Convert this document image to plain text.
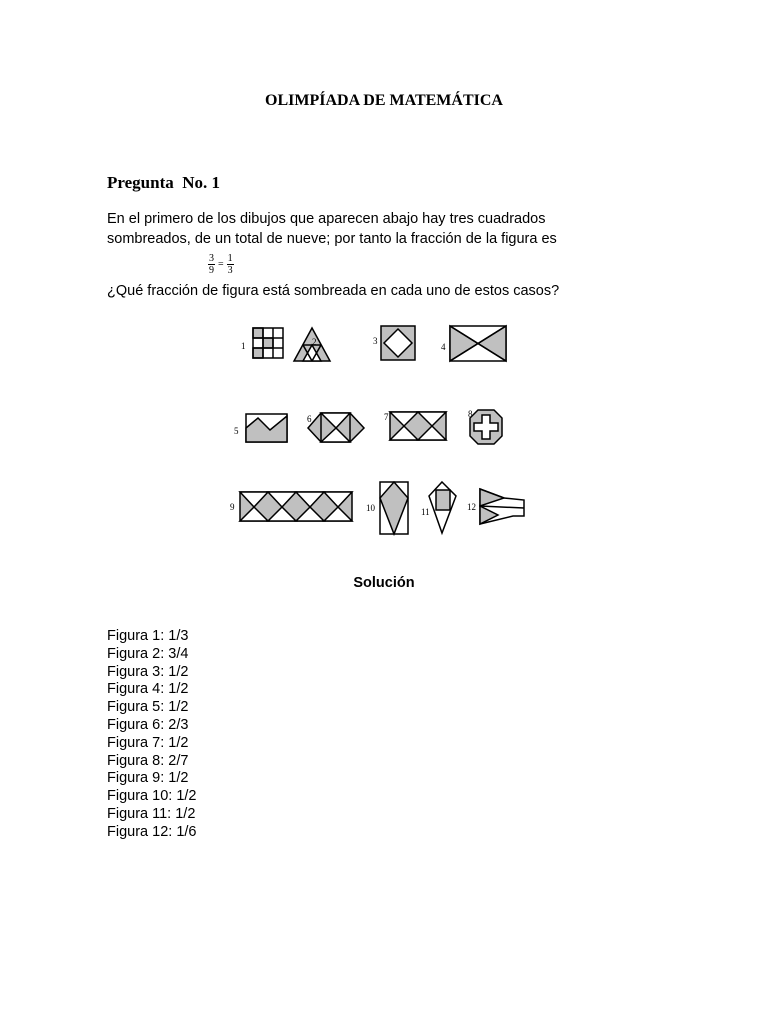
OLIMPÍADA DE MATEMÁTICA
Pregunta  No. 1
En el primero de los dibujos que aparecen abajo hay tres cuadrados sombreados, de un total de nueve; por tanto la fracción de la figura es
$\frac{3}{9} = \frac{1}{3}$
¿Qué fracción de figura está sombreada en cada uno de estos casos?
1	2	3
4
5
6	7	8
9	10	11	12
Solución
Figura 1: 1/3
Figura 2: 3/4
Figura 3: 1/2
Figura 4: 1/2
Figura 5: 1/2
Figura 6: 2/3
Figura 7: 1/2
Figura 8: 2/7
Figura 9: 1/2
Figura 10: 1/2
Figura 11: 1/2
Figura 12: 1/6
